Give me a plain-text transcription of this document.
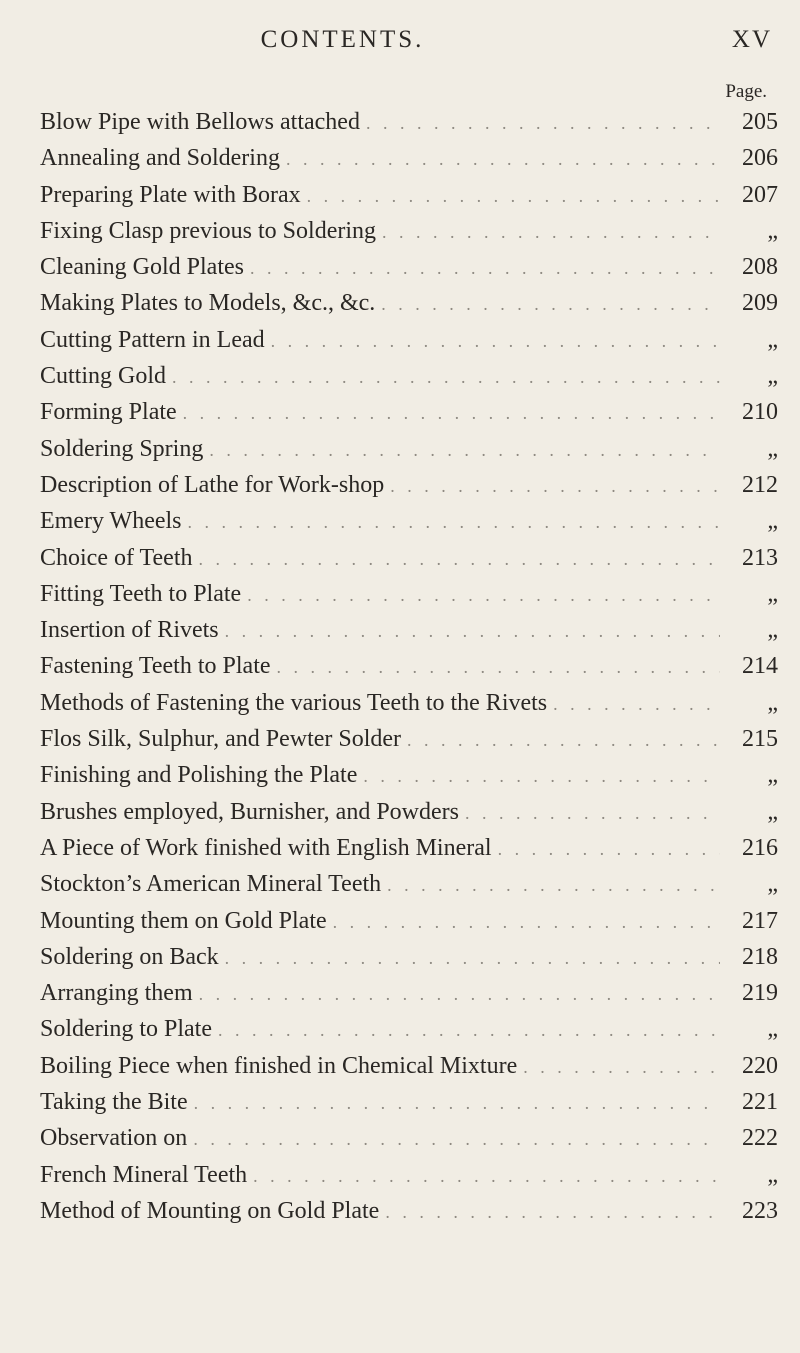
CONTENTS.	XV
Page.
Blow Pipe with Bellows attached . . .	205
Annealing and Soldering . . .	206
Preparing Plate with Borax . . .	207
Fixing Clasp previous to Soldering . . .	„
Cleaning Gold Plates . . .	208
Making Plates to Models, &c., &c. . . .	209
Cutting Pattern in Lead . . .	„
Cutting Gold . . .	„
Forming Plate . . .	210
Soldering Spring . . .	„
Description of Lathe for Work-shop . . .	212
Emery Wheels . . .	„
Choice of Teeth . . .	213
Fitting Teeth to Plate . . .	„
Insertion of Rivets . . .	„
Fastening Teeth to Plate . . .	214
Methods of Fastening the various Teeth to the Rivets . . .	„
Flos Silk, Sulphur, and Pewter Solder . . .	215
Finishing and Polishing the Plate . . .	„
Brushes employed, Burnisher, and Powders . . .	„
A Piece of Work finished with English Mineral . . .	216
Stockton’s American Mineral Teeth . . .	„
Mounting them on Gold Plate . . .	217
Soldering on Back . . .	218
Arranging them . . .	219
Soldering to Plate . . .	„
Boiling Piece when finished in Chemical Mixture . . .	220
Taking the Bite . . .	221
Observation on . . .	222
French Mineral Teeth . . .	„
Method of Mounting on Gold Plate . . .	223
